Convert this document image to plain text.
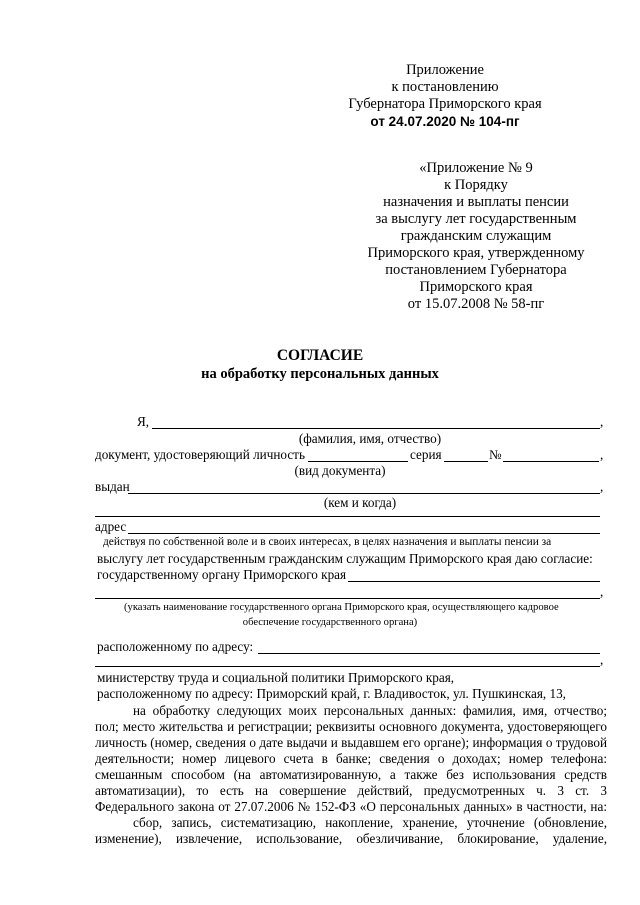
Приложение
к постановлению
Губернатора Приморского края
от 24.07.2020 № 104-пг
«Приложение № 9
к Порядку
назначения и выплаты пенсии
за выслугу лет государственным
гражданским служащим
Приморского края, утвержденному
постановлением Губернатора
Приморского края
от 15.07.2008 № 58-пг
СОГЛАСИЕ
на обработку персональных данных
Я,	,
(фамилия, имя, отчество)
документ, удостоверяющий личность	серия	№	,
(вид документа)
выдан	,
(кем и когда)
адрес
действуя по собственной воле и в своих интересах, в целях назначения и выплаты пенсии за
выслугу лет государственным гражданским служащим Приморского края даю согласие:
государственному органу Приморского края
,
(указать наименование государственного органа Приморского края, осуществляющего кадровое
обеспечение государственного органа)
расположенному по адресу:
,
министерству труда и социальной политики Приморского края,
расположенному по адресу: Приморский край, г. Владивосток, ул. Пушкинская, 13,
на обработку следующих моих персональных данных: фамилия, имя, отчество;
пол; место жительства и регистрации; реквизиты основного документа, удостоверяющего
личность (номер, сведения о дате выдачи и выдавшем его органе); информация о трудовой
деятельности; номер лицевого счета в банке; сведения о доходах; номер телефона:
смешанным способом (на автоматизированную, а также без использования средств
автоматизации), то есть на совершение действий, предусмотренных ч. 3 ст. 3
Федерального закона от 27.07.2006 № 152-ФЗ «О персональных данных» в частности, на:
сбор, запись, систематизацию, накопление, хранение, уточнение (обновление,
изменение), извлечение, использование, обезличивание, блокирование, удаление,
